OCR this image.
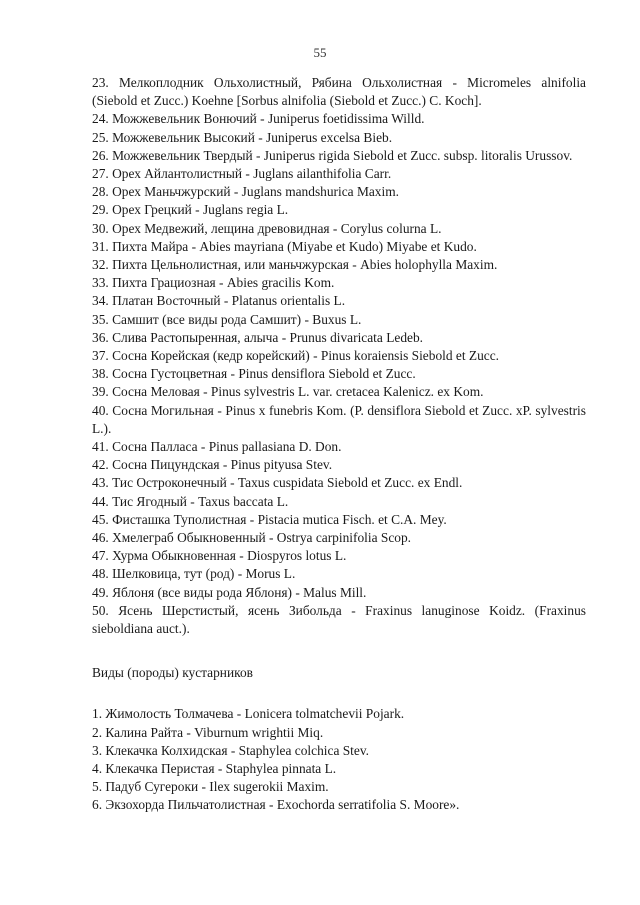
55

23. Мелкоплодник Ольхолистный, Рябина Ольхолистная - Micromeles alnifolia (Siebold et Zucc.) Koehne [Sorbus alnifolia (Siebold et Zucc.) C. Koch].

24. Можжевельник Вонючий - Juniperus foetidissima Willd.

25. Можжевельник Высокий - Juniperus excelsa Bieb.

26. Можжевельник Твердый - Juniperus rigida Siebold et Zucc. subsp. litoralis Urussov.

27. Орех Айлантолистный - Juglans ailanthifolia Carr.

28. Орех Маньчжурский - Juglans mandshurica Maxim.

29. Орех Грецкий - Juglans regia L.

30. Орех Медвежий, лещина древовидная - Corylus colurna L.

31. Пихта Майра - Abies mayriana (Miyabe et Kudo) Miyabe et Kudo.

32. Пихта Цельнолистная, или маньчжурская - Abies holophylla Maxim.

33. Пихта Грациозная - Abies gracilis Kom.

34. Платан Восточный - Platanus orientalis L.

35. Самшит (все виды рода Самшит) - Buxus L.

36. Слива Растопыренная, алыча - Prunus divaricata Ledeb.

37. Сосна Корейская (кедр корейский) - Pinus koraiensis Siebold et Zucc.

38. Сосна Густоцветная - Pinus densiflora Siebold et Zucc.

39. Сосна Меловая - Pinus sylvestris L. var. cretacea Kalenicz. ex Kom.

40. Сосна Могильная - Pinus x funebris Kom. (P. densiflora Siebold et Zucc. xP. sylvestris L.).

41. Сосна Палласа - Pinus pallasiana D. Don.

42. Сосна Пицундская - Pinus pityusa Stev.

43. Тис Остроконечный - Taxus cuspidata Siebold et Zucc. ex Endl.

44. Тис Ягодный - Taxus baccata L.

45. Фисташка Туполистная - Pistacia mutica Fisch. et C.A. Mey.

46. Хмелеграб Обыкновенный - Ostrya carpinifolia Scop.

47. Хурма Обыкновенная - Diospyros lotus L.

48. Шелковица, тут (род) - Morus L.

49. Яблоня (все виды рода Яблоня) - Malus Mill.

50. Ясень Шерстистый, ясень Зибольда - Fraxinus lanuginose Koidz. (Fraxinus sieboldiana auct.).

Виды (породы) кустарников

1. Жимолость Толмачева - Lonicera tolmatchevii Pojark.

2. Калина Райта - Viburnum wrightii Miq.

3. Клекачка Колхидская - Staphylea colchica Stev.

4. Клекачка Перистая - Staphylea pinnata L.

5. Падуб Сугероки - Ilex sugerokii Maxim.

6. Экзохорда Пильчатолистная - Exochorda serratifolia S. Moore».
